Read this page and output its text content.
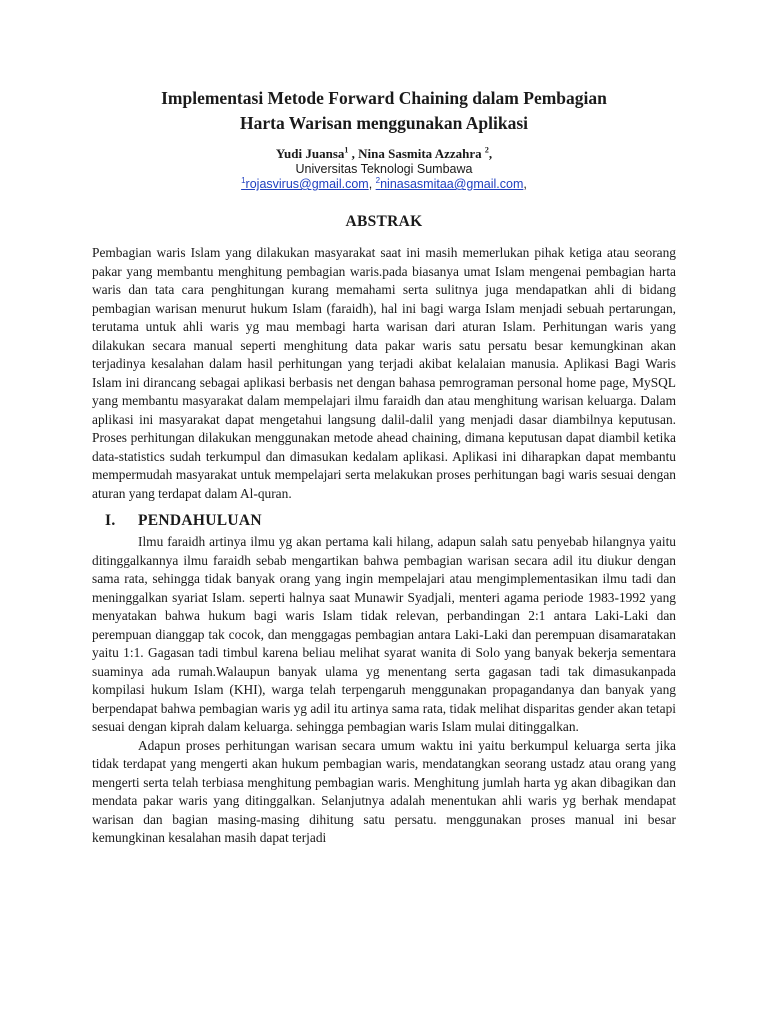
Implementasi Metode Forward Chaining dalam Pembagian
Harta Warisan menggunakan Aplikasi
Yudi Juansa$^1$ , Nina Sasmita Azzahra $^2$,
Universitas Teknologi Sumbawa
$^1$rojasvirus@gmail.com, $^2$ninasasmitaa@gmail.com,
ABSTRAK
Pembagian waris Islam yang dilakukan masyarakat saat ini masih memerlukan pihak ketiga atau seorang pakar yang membantu menghitung pembagian waris.pada biasanya umat Islam mengenai pembagian harta waris dan tata cara penghitungan kurang memahami serta sulitnya juga mendapatkan ahli di bidang pembagian warisan menurut hukum Islam (faraidh), hal ini bagi warga Islam menjadi sebuah pertarungan, terutama untuk ahli waris yg mau membagi harta warisan dari aturan Islam. Perhitungan waris yang dilakukan secara manual seperti menghitung data pakar waris satu persatu besar kemungkinan akan terjadinya kesalahan dalam hasil perhitungan yang terjadi akibat kelalaian manusia. Aplikasi Bagi Waris Islam ini dirancang sebagai aplikasi berbasis net dengan bahasa pemrograman personal home page, MySQL yang membantu masyarakat dalam mempelajari ilmu faraidh dan atau menghitung warisan keluarga. Dalam aplikasi ini masyarakat dapat mengetahui langsung dalil-dalil yang menjadi dasar diambilnya keputusan. Proses perhitungan dilakukan menggunakan metode ahead chaining, dimana keputusan dapat diambil ketika data-statistics sudah terkumpul dan dimasukan kedalam aplikasi. Aplikasi ini diharapkan dapat membantu mempermudah masyarakat untuk mempelajari serta melakukan proses perhitungan bagi waris sesuai dengan aturan yang terdapat dalam Al-quran.
I.	PENDAHULUAN

Ilmu faraidh artinya ilmu yg akan pertama kali hilang, adapun salah satu penyebab hilangnya yaitu ditinggalkannya ilmu faraidh sebab mengartikan bahwa pembagian warisan secara adil itu diukur dengan sama rata, sehingga tidak banyak orang yang ingin mempelajari atau mengimplementasikan ilmu tadi dan meninggalkan syariat Islam. seperti halnya saat Munawir Syadjali, menteri agama periode 1983-1992 yang menyatakan bahwa hukum bagi waris Islam tidak relevan, perbandingan 2:1 antara Laki-Laki dan perempuan dianggap tak cocok, dan menggagas pembagian antara Laki-Laki dan perempuan disamaratakan yaitu 1:1. Gagasan tadi timbul karena beliau melihat syarat wanita di Solo yang banyak bekerja sementara suaminya ada rumah.Walaupun banyak ulama yg menentang serta gagasan tadi tak dimasukanpada kompilasi hukum Islam (KHI), warga telah terpengaruh menggunakan propagandanya dan banyak yang berpendapat bahwa pembagian waris yg adil itu artinya sama rata, tidak melihat disparitas gender akan tetapi sesuai dengan kiprah dalam keluarga. sehingga pembagian waris Islam mulai ditinggalkan.

Adapun proses perhitungan warisan secara umum waktu ini yaitu berkumpul keluarga serta jika tidak terdapat yang mengerti akan hukum pembagian waris, mendatangkan seorang ustadz atau orang yang mengerti serta telah terbiasa menghitung pembagian waris. Menghitung jumlah harta yg akan dibagikan dan mendata pakar waris yang ditinggalkan. Selanjutnya adalah menentukan ahli waris yg berhak mendapat warisan dan bagian masing-masing dihitung satu persatu. menggunakan proses manual ini besar kemungkinan kesalahan masih dapat terjadi
